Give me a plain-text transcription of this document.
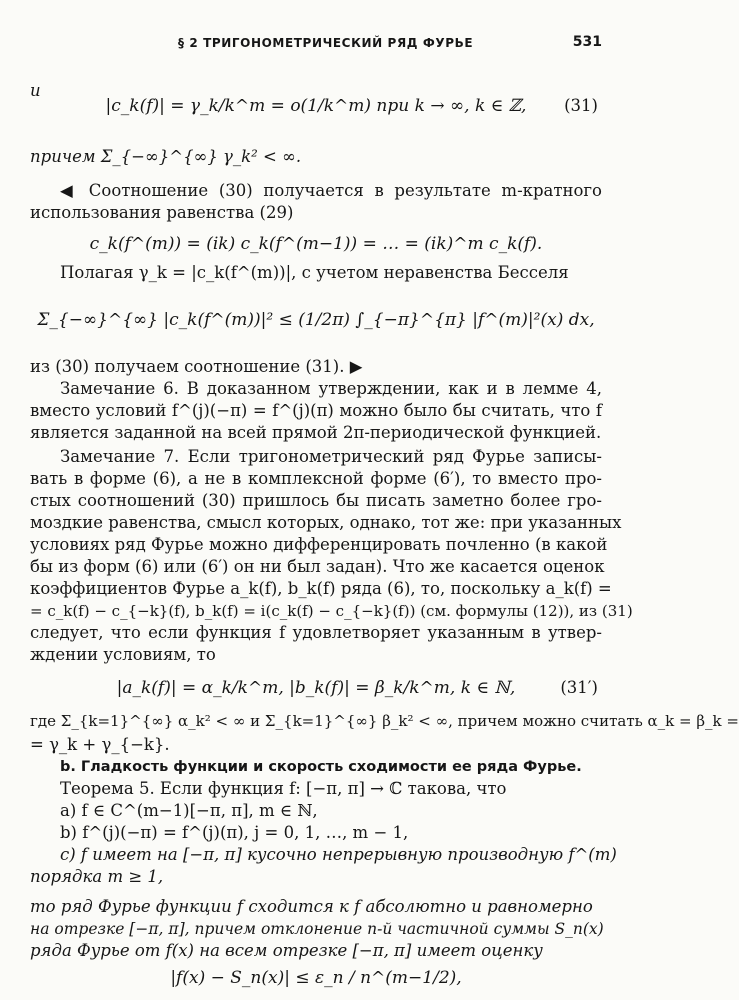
§ 2 ТРИГОНОМЕТРИЧЕСКИЙ РЯД ФУРЬЕ	531
и
|c_k(f)| = γ_k/k^m = o(1/k^m) при k → ∞, k ∈ ℤ, (31)
причем Σ_{−∞}^{∞} γ_k² < ∞.
◀ Соотношение (30) получается в результате m-кратного
использования равенства (29)
c_k(f^(m)) = (ik) c_k(f^(m−1)) = … = (ik)^m c_k(f).
Полагая γ_k = |c_k(f^(m))|, с учетом неравенства Бесселя
Σ_{−∞}^{∞} |c_k(f^(m))|² ≤ (1/2π) ∫_{−π}^{π} |f^(m)|²(x) dx,
из (30) получаем соотношение (31). ▶
Замечание 6. В доказанном утверждении, как и в лемме 4,
вместо условий f^(j)(−π) = f^(j)(π) можно было бы считать, что f
является заданной на всей прямой 2π-периодической функцией.
Замечание 7. Если тригонометрический ряд Фурье записы-
вать в форме (6), а не в комплексной форме (6′), то вместо про-
стых соотношений (30) пришлось бы писать заметно более гро-
моздкие равенства, смысл которых, однако, тот же: при указанных
условиях ряд Фурье можно дифференцировать почленно (в какой
бы из форм (6) или (6′) он ни был задан). Что же касается оценок
коэффициентов Фурье a_k(f), b_k(f) ряда (6), то, поскольку a_k(f) =
= c_k(f) − c_{−k}(f), b_k(f) = i(c_k(f) − c_{−k}(f)) (см. формулы (12)), из (31)
следует, что если функция f удовлетворяет указанным в утвер-
ждении условиям, то
|a_k(f)| = α_k/k^m, |b_k(f)| = β_k/k^m, k ∈ ℕ,	(31′)
где Σ_{k=1}^{∞} α_k² < ∞ и Σ_{k=1}^{∞} β_k² < ∞, причем можно считать α_k = β_k =
= γ_k + γ_{−k}.
b. Гладкость функции и скорость сходимости ее ряда Фурье.
Теорема 5. Если функция f: [−π, π] → ℂ такова, что
a) f ∈ C^(m−1)[−π, π], m ∈ ℕ,
b) f^(j)(−π) = f^(j)(π), j = 0, 1, …, m − 1,
c) f имеет на [−π, π] кусочно непрерывную производную f^(m)
порядка m ≥ 1,
то ряд Фурье функции f сходится к f абсолютно и равномерно
на отрезке [−π, π], причем отклонение n-й частичной суммы S_n(x)
ряда Фурье от f(x) на всем отрезке [−π, π] имеет оценку
|f(x) − S_n(x)| ≤ ε_n / n^(m−1/2),
